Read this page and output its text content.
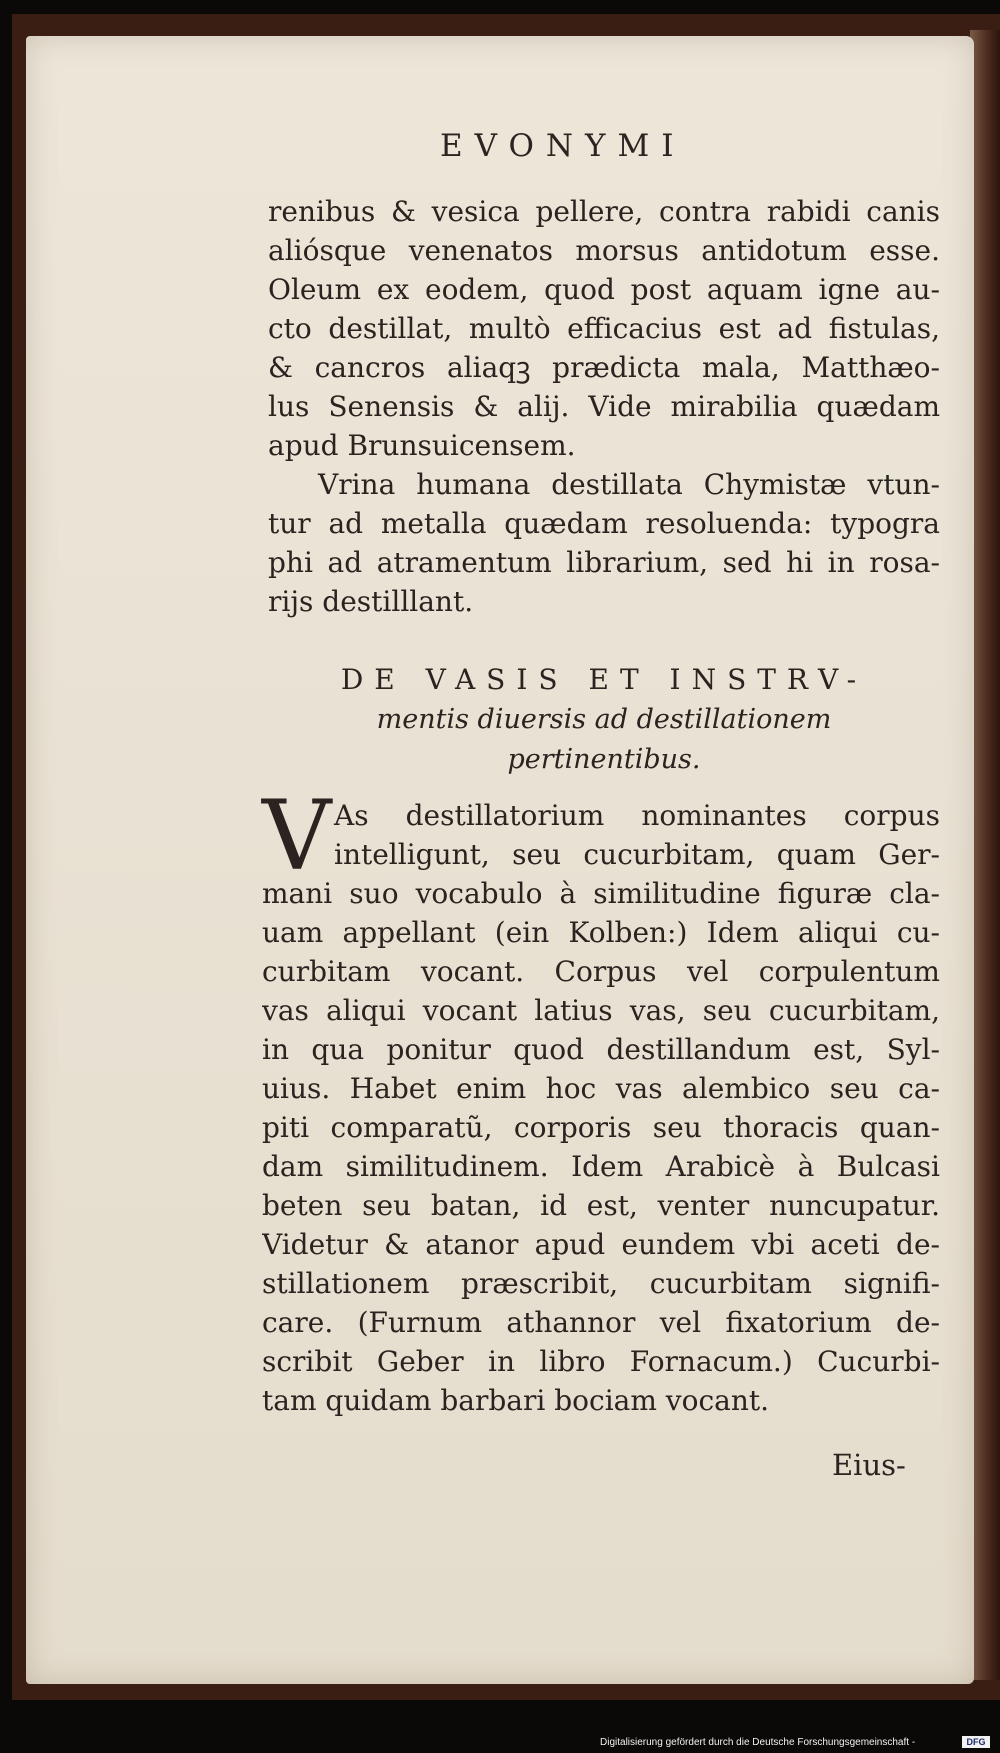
EVONYMI
renibus & vesica pellere, contra rabidi canis
aliósque venenatos morsus antidotum esse.
Oleum ex eodem, quod post aquam igne au-
cto destillat, multò efficacius est ad fistulas,
& cancros aliaqꝫ prædicta mala, Matthæo-
lus Senensis & alij. Vide mirabilia quædam
apud Brunsuicensem.
Vrina humana destillata Chymistæ vtun-
tur ad metalla quædam resoluenda: typogra
phi ad atramentum librarium, sed hi in rosa-
rijs destilllant.
DE VASIS ET INSTRV-
mentis diuersis ad destillationem
pertinentibus.
V As destillatorium nominantes corpus
intelligunt, seu cucurbitam, quam Ger-
mani suo vocabulo à similitudine figuræ cla-
uam appellant (ein Kolben:) Idem aliqui cu-
curbitam vocant. Corpus vel corpulentum
vas aliqui vocant latius vas, seu cucurbitam,
in qua ponitur quod destillandum est, Syl-
uius. Habet enim hoc vas alembico seu ca-
piti comparatũ, corporis seu thoracis quan-
dam similitudinem. Idem Arabicè à Bulcasi
beten seu batan, id est, venter nuncupatur.
Videtur & atanor apud eundem vbi aceti de-
stillationem præscribit, cucurbitam signifi-
care. (Furnum athannor vel fixatorium de-
scribit Geber in libro Fornacum.) Cucurbi-
tam quidam barbari bociam vocant.
Eius-
Digitalisierung gefördert durch die Deutsche Forschungsgemeinschaft -	DFG
